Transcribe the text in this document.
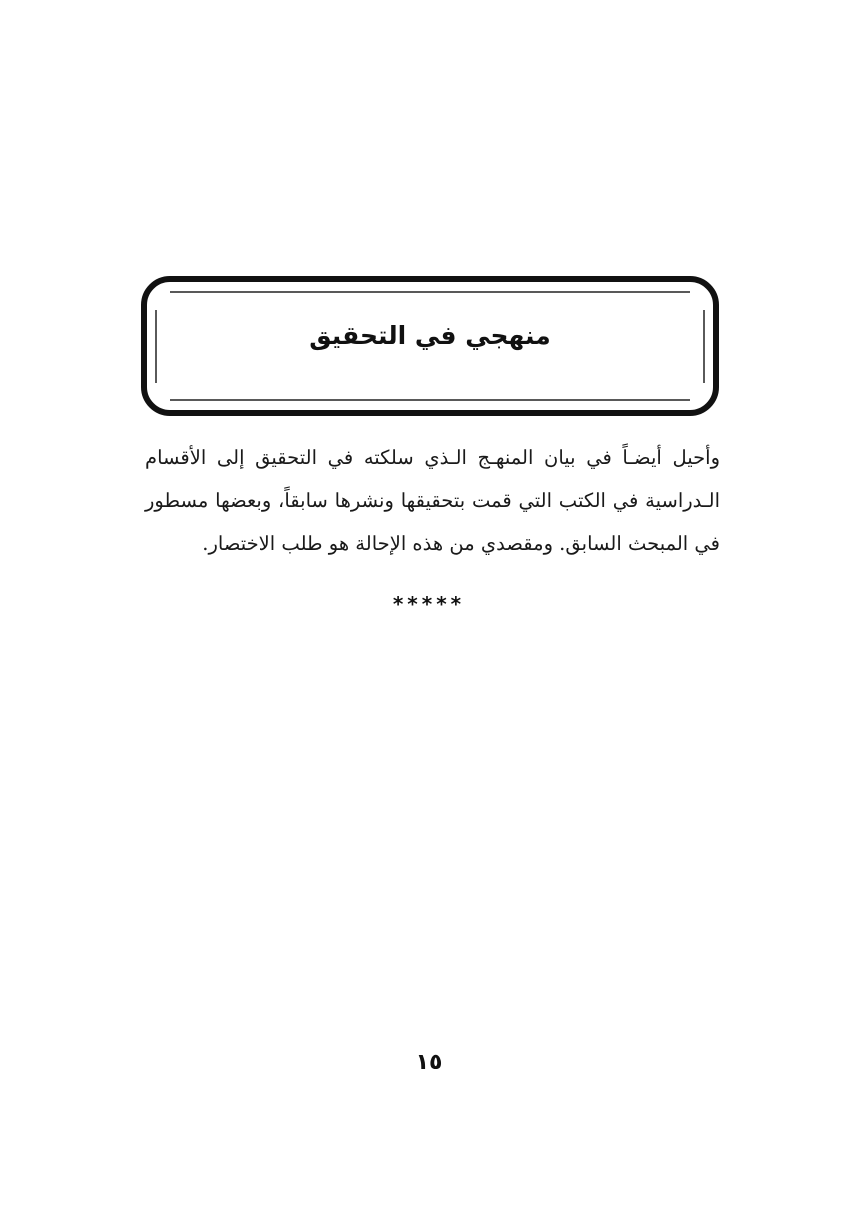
منهجي في التحقيق
وأحيل أيضـاً في بيان المنهـج الـذي سلكته في التحقيق إلى الأقسام الـدراسية في الكتب التي قمت بتحقيقها ونشرها سابقاً، وبعضها مسطور في المبحث السابق. ومقصدي من هذه الإحالة هو طلب الاختصار.
*****
١٥
